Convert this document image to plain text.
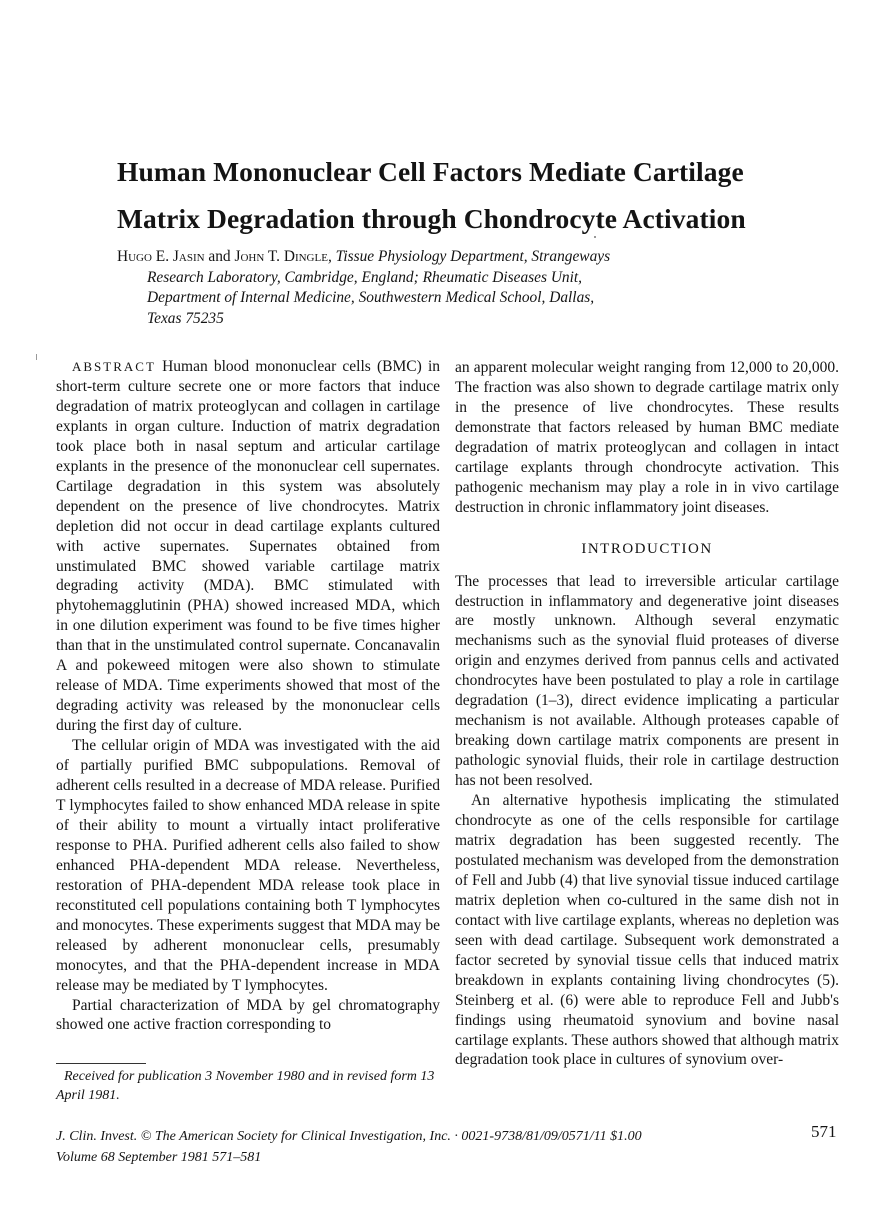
Human Mononuclear Cell Factors Mediate Cartilage
Matrix Degradation through Chondrocyte Activation
Hugo E. Jasin and John T. Dingle, Tissue Physiology Department, Strangeways
Research Laboratory, Cambridge, England; Rheumatic Diseases Unit,
Department of Internal Medicine, Southwestern Medical School, Dallas,
Texas 75235

ABSTRACT Human blood mononuclear cells (BMC) in short-term culture secrete one or more factors that induce degradation of matrix proteoglycan and collagen in cartilage explants in organ culture. Induction of matrix degradation took place both in nasal septum and articular cartilage explants in the presence of the mononuclear cell supernates. Cartilage degradation in this system was absolutely dependent on the presence of live chondrocytes. Matrix depletion did not occur in dead cartilage explants cultured with active supernates. Supernates obtained from unstimulated BMC showed variable cartilage matrix degrading activity (MDA). BMC stimulated with phytohemagglutinin (PHA) showed increased MDA, which in one dilution experiment was found to be five times higher than that in the unstimulated control supernate. Concanavalin A and pokeweed mitogen were also shown to stimulate release of MDA. Time experiments showed that most of the degrading activity was released by the mononuclear cells during the first day of culture.

The cellular origin of MDA was investigated with the aid of partially purified BMC subpopulations. Removal of adherent cells resulted in a decrease of MDA release. Purified T lymphocytes failed to show enhanced MDA release in spite of their ability to mount a virtually intact proliferative response to PHA. Purified adherent cells also failed to show enhanced PHA-dependent MDA release. Nevertheless, restoration of PHA-dependent MDA release took place in reconstituted cell populations containing both T lymphocytes and monocytes. These experiments suggest that MDA may be released by adherent mononuclear cells, presumably monocytes, and that the PHA-dependent increase in MDA release may be mediated by T lymphocytes.

Partial characterization of MDA by gel chromatography showed one active fraction corresponding to

an apparent molecular weight ranging from 12,000 to 20,000. The fraction was also shown to degrade cartilage matrix only in the presence of live chondrocytes. These results demonstrate that factors released by human BMC mediate degradation of matrix proteoglycan and collagen in intact cartilage explants through chondrocyte activation. This pathogenic mechanism may play a role in in vivo cartilage destruction in chronic inflammatory joint diseases.

INTRODUCTION

The processes that lead to irreversible articular cartilage destruction in inflammatory and degenerative joint diseases are mostly unknown. Although several enzymatic mechanisms such as the synovial fluid proteases of diverse origin and enzymes derived from pannus cells and activated chondrocytes have been postulated to play a role in cartilage degradation (1–3), direct evidence implicating a particular mechanism is not available. Although proteases capable of breaking down cartilage matrix components are present in pathologic synovial fluids, their role in cartilage destruction has not been resolved.

An alternative hypothesis implicating the stimulated chondrocyte as one of the cells responsible for cartilage matrix degradation has been suggested recently. The postulated mechanism was developed from the demonstration of Fell and Jubb (4) that live synovial tissue induced cartilage matrix depletion when co-cultured in the same dish not in contact with live cartilage explants, whereas no depletion was seen with dead cartilage. Subsequent work demonstrated a factor secreted by synovial tissue cells that induced matrix breakdown in explants containing living chondrocytes (5). Steinberg et al. (6) were able to reproduce Fell and Jubb's findings using rheumatoid synovium and bovine nasal cartilage explants. These authors showed that although matrix degradation took place in cultures of synovium over-

Received for publication 3 November 1980 and in revised form 13 April 1981.
J. Clin. Invest. © The American Society for Clinical Investigation, Inc. · 0021-9738/81/09/0571/11 $1.00
Volume 68 September 1981 571–581
571
